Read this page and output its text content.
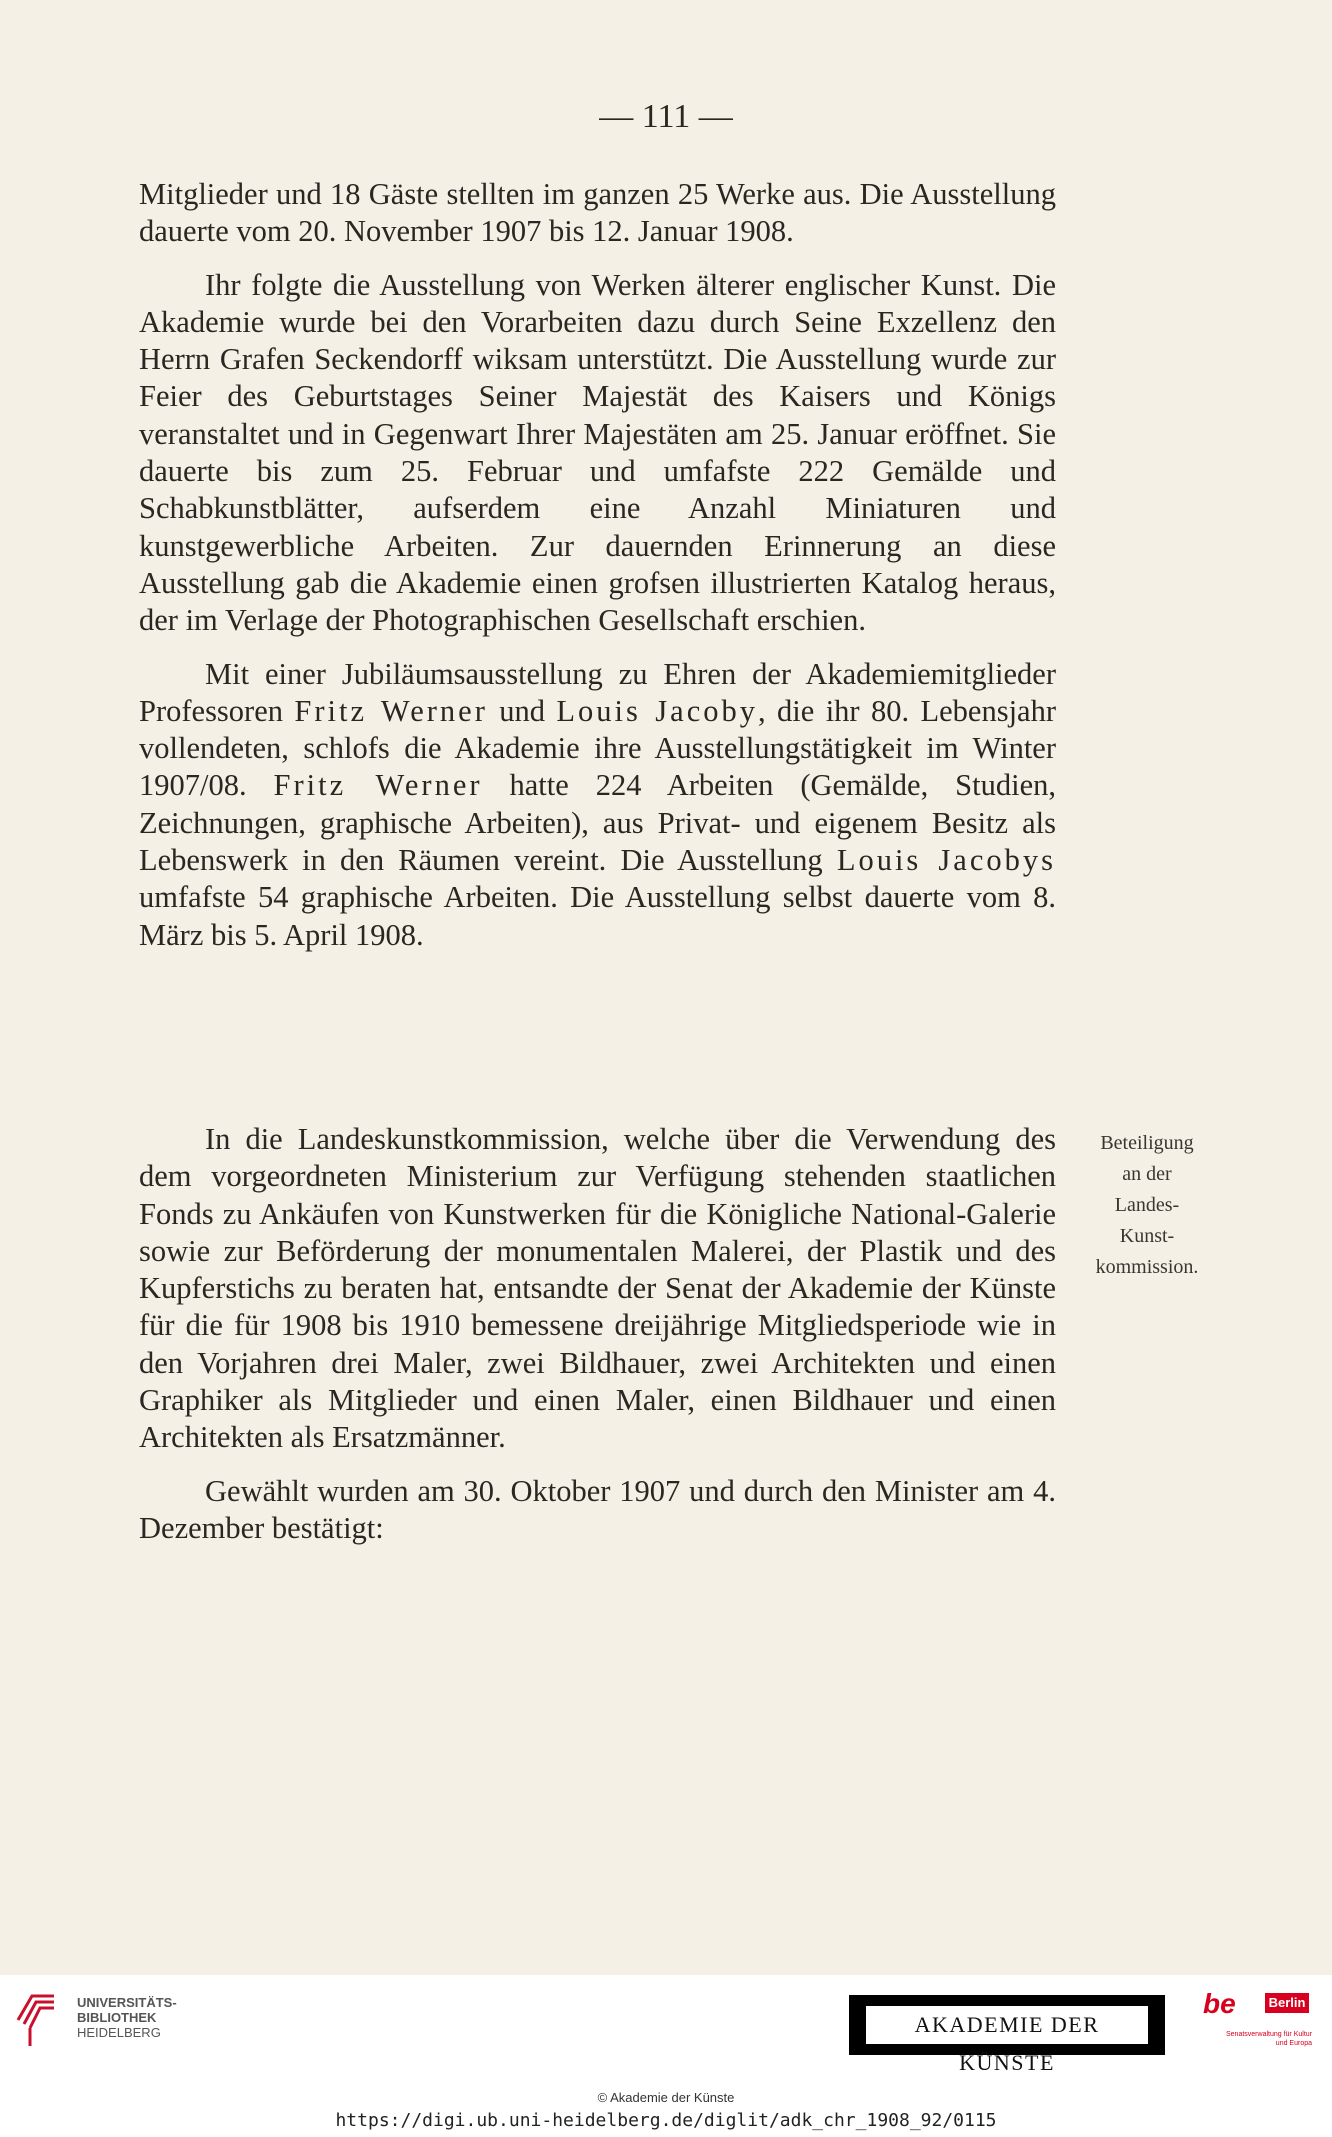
— 111 —

Mitglieder und 18 Gäste stellten im ganzen 25 Werke aus. Die Ausstellung dauerte vom 20. November 1907 bis 12. Januar 1908.

Ihr folgte die Ausstellung von Werken älterer englischer Kunst. Die Akademie wurde bei den Vorarbeiten dazu durch Seine Exzellenz den Herrn Grafen Seckendorff wiksam unterstützt. Die Ausstellung wurde zur Feier des Geburtstages Seiner Majestät des Kaisers und Königs veranstaltet und in Gegenwart Ihrer Majestäten am 25. Januar eröffnet. Sie dauerte bis zum 25. Februar und umfafste 222 Gemälde und Schabkunstblätter, aufserdem eine Anzahl Miniaturen und kunstgewerbliche Arbeiten. Zur dauernden Erinnerung an diese Ausstellung gab die Akademie einen grofsen illustrierten Katalog heraus, der im Verlage der Photographischen Gesellschaft erschien.

Mit einer Jubiläumsausstellung zu Ehren der Akademiemitglieder Professoren Fritz Werner und Louis Jacoby, die ihr 80. Lebensjahr vollendeten, schlofs die Akademie ihre Ausstellungstätigkeit im Winter 1907/08. Fritz Werner hatte 224 Arbeiten (Gemälde, Studien, Zeichnungen, graphische Arbeiten), aus Privat- und eigenem Besitz als Lebenswerk in den Räumen vereint. Die Ausstellung Louis Jacobys umfafste 54 graphische Arbeiten. Die Ausstellung selbst dauerte vom 8. März bis 5. April 1908.

In die Landeskunstkommission, welche über die Verwendung des dem vorgeordneten Ministerium zur Verfügung stehenden staatlichen Fonds zu Ankäufen von Kunstwerken für die Königliche National-Galerie sowie zur Beförderung der monumentalen Malerei, der Plastik und des Kupferstichs zu beraten hat, entsandte der Senat der Akademie der Künste für die für 1908 bis 1910 bemessene dreijährige Mitgliedsperiode wie in den Vorjahren drei Maler, zwei Bildhauer, zwei Architekten und einen Graphiker als Mitglieder und einen Maler, einen Bildhauer und einen Architekten als Ersatzmänner.

Gewählt wurden am 30. Oktober 1907 und durch den Minister am 4. Dezember bestätigt:

Beteiligung
an der
Landes-
Kunst-
kommission.
UNIVERSITÄTS-
BIBLIOTHEK
HEIDELBERG	AKADEMIE DER KÜNSTE
be	Berlin
Senatsverwaltung für Kultur und Europa
© Akademie der Künste
https://digi.ub.uni-heidelberg.de/diglit/adk_chr_1908_92/0115
